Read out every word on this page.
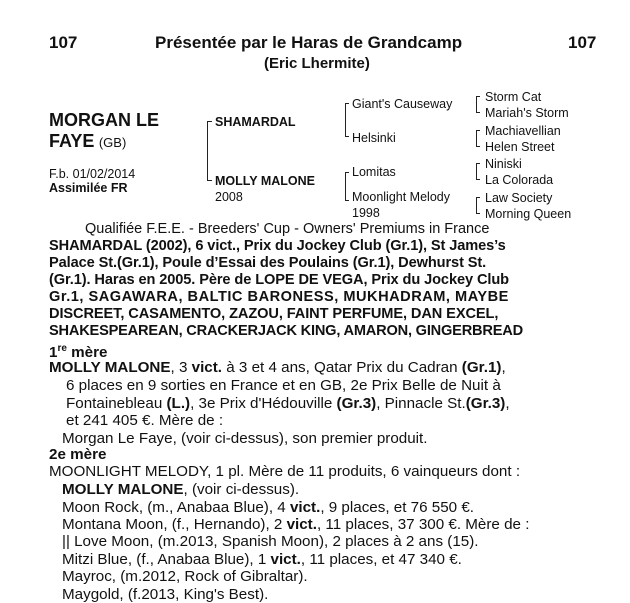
107	Présentée par le Haras de Grandcamp	107
(Eric Lhermite)
MORGAN LE
FAYE (GB)
F.b. 01/02/2014
Assimilée FR
SHAMARDAL
MOLLY MALONE
2008
Giant's Causeway
Helsinki
Lomitas
Moonlight Melody
1998
Storm Cat
Mariah's Storm
Machiavellian
Helen Street
Niniski
La Colorada
Law Society
Morning Queen
Qualifiée F.E.E. - Breeders' Cup - Owners' Premiums in France
SHAMARDAL (2002), 6 vict., Prix du Jockey Club (Gr.1), St James’s
Palace St.(Gr.1), Poule d’Essai des Poulains (Gr.1), Dewhurst St.
(Gr.1). Haras en 2005. Père de LOPE DE VEGA, Prix du Jockey Club
Gr.1, SAGAWARA, BALTIC BARONESS, MUKHADRAM, MAYBE
DISCREET, CASAMENTO, ZAZOU, FAINT PERFUME, DAN EXCEL,
SHAKESPEAREAN, CRACKERJACK KING, AMARON, GINGERBREAD
1re mère
MOLLY MALONE, 3 vict. à 3 et 4 ans, Qatar Prix du Cadran (Gr.1),
6 places en 9 sorties en France et en GB, 2e Prix Belle de Nuit à
Fontainebleau (L.), 3e Prix d'Hédouville (Gr.3), Pinnacle St.(Gr.3),
et 241 405 €. Mère de :
Morgan Le Faye, (voir ci-dessus), son premier produit.
2e mère
MOONLIGHT MELODY, 1 pl. Mère de 11 produits, 6 vainqueurs dont :
MOLLY MALONE, (voir ci-dessus).
Moon Rock, (m., Anabaa Blue), 4 vict., 9 places, et 76 550 €.
Montana Moon, (f., Hernando), 2 vict., 11 places, 37 300 €. Mère de :
|| Love Moon, (m.2013, Spanish Moon), 2 places à 2 ans (15).
Mitzi Blue, (f., Anabaa Blue), 1 vict., 11 places, et 47 340 €.
Mayroc, (m.2012, Rock of Gibraltar).
Maygold, (f.2013, King's Best).
